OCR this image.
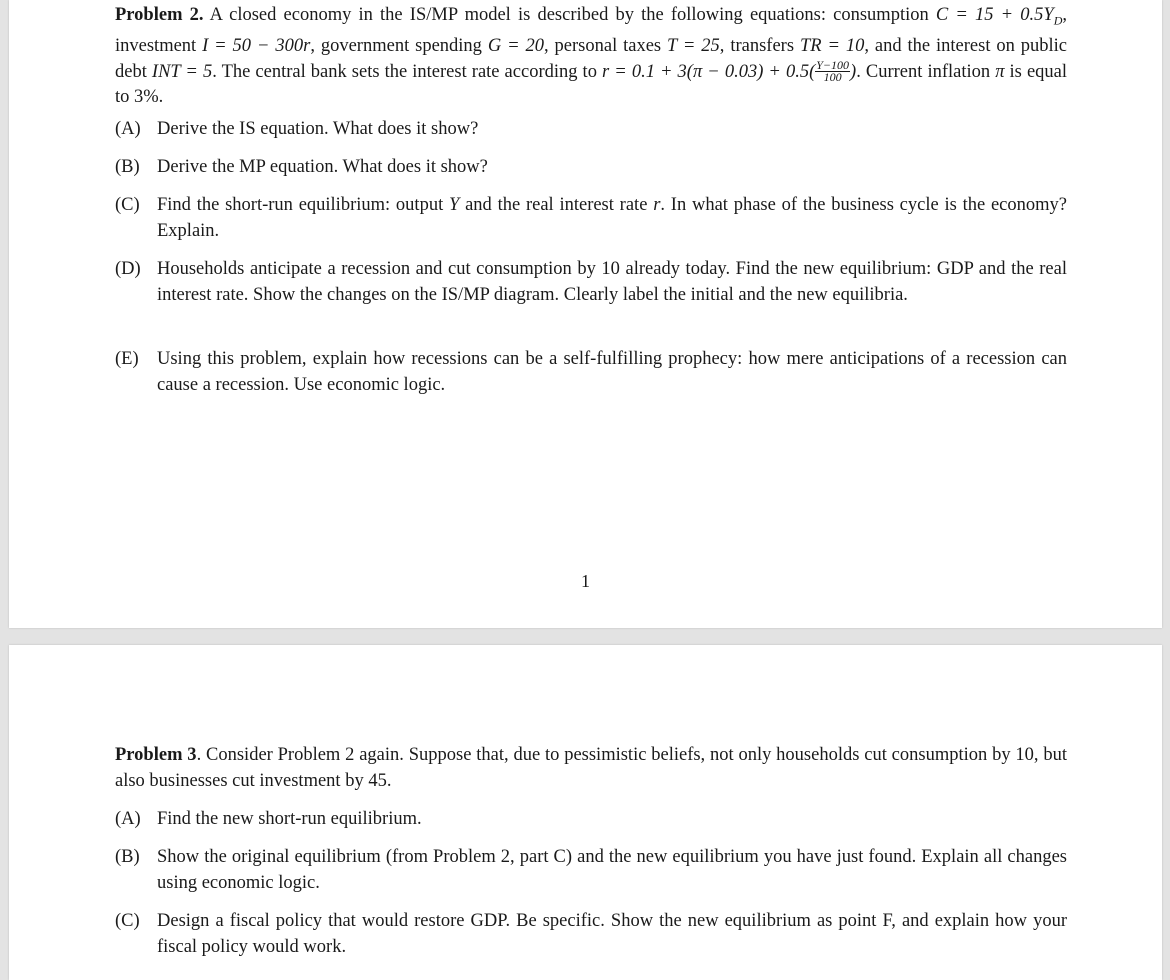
Problem 2. A closed economy in the IS/MP model is described by the following equations: consumption $C = 15 + 0.5Y_D$, investment I = 50 − 300r, government spending G = 20, personal taxes T = 25, transfers TR = 10, and the interest on public debt INT = 5. The central bank sets the interest rate according to $r = 0.1 + 3(\pi - 0.03) + 0.5( \frac{Y-100}{100}$ ). Current inflation π is equal to 3%.
(A) Derive the IS equation. What does it show?
(B) Derive the MP equation. What does it show?
(C) Find the short-run equilibrium: output Y and the real interest rate r. In what phase of the business cycle is the economy? Explain.
(D) Households anticipate a recession and cut consumption by 10 already today. Find the new equilibrium: GDP and the real interest rate. Show the changes on the IS/MP diagram. Clearly label the initial and the new equilibria.
(E) Using this problem, explain how recessions can be a self-fulfilling prophecy: how mere anticipations of a recession can cause a recession. Use economic logic.
1
Problem 3. Consider Problem 2 again. Suppose that, due to pessimistic beliefs, not only households cut consumption by 10, but also businesses cut investment by 45.
(A) Find the new short-run equilibrium.
(B) Show the original equilibrium (from Problem 2, part C) and the new equilibrium you have just found. Explain all changes using economic logic.
(C) Design a fiscal policy that would restore GDP. Be specific. Show the new equilibrium as point F, and explain how your fiscal policy would work.
